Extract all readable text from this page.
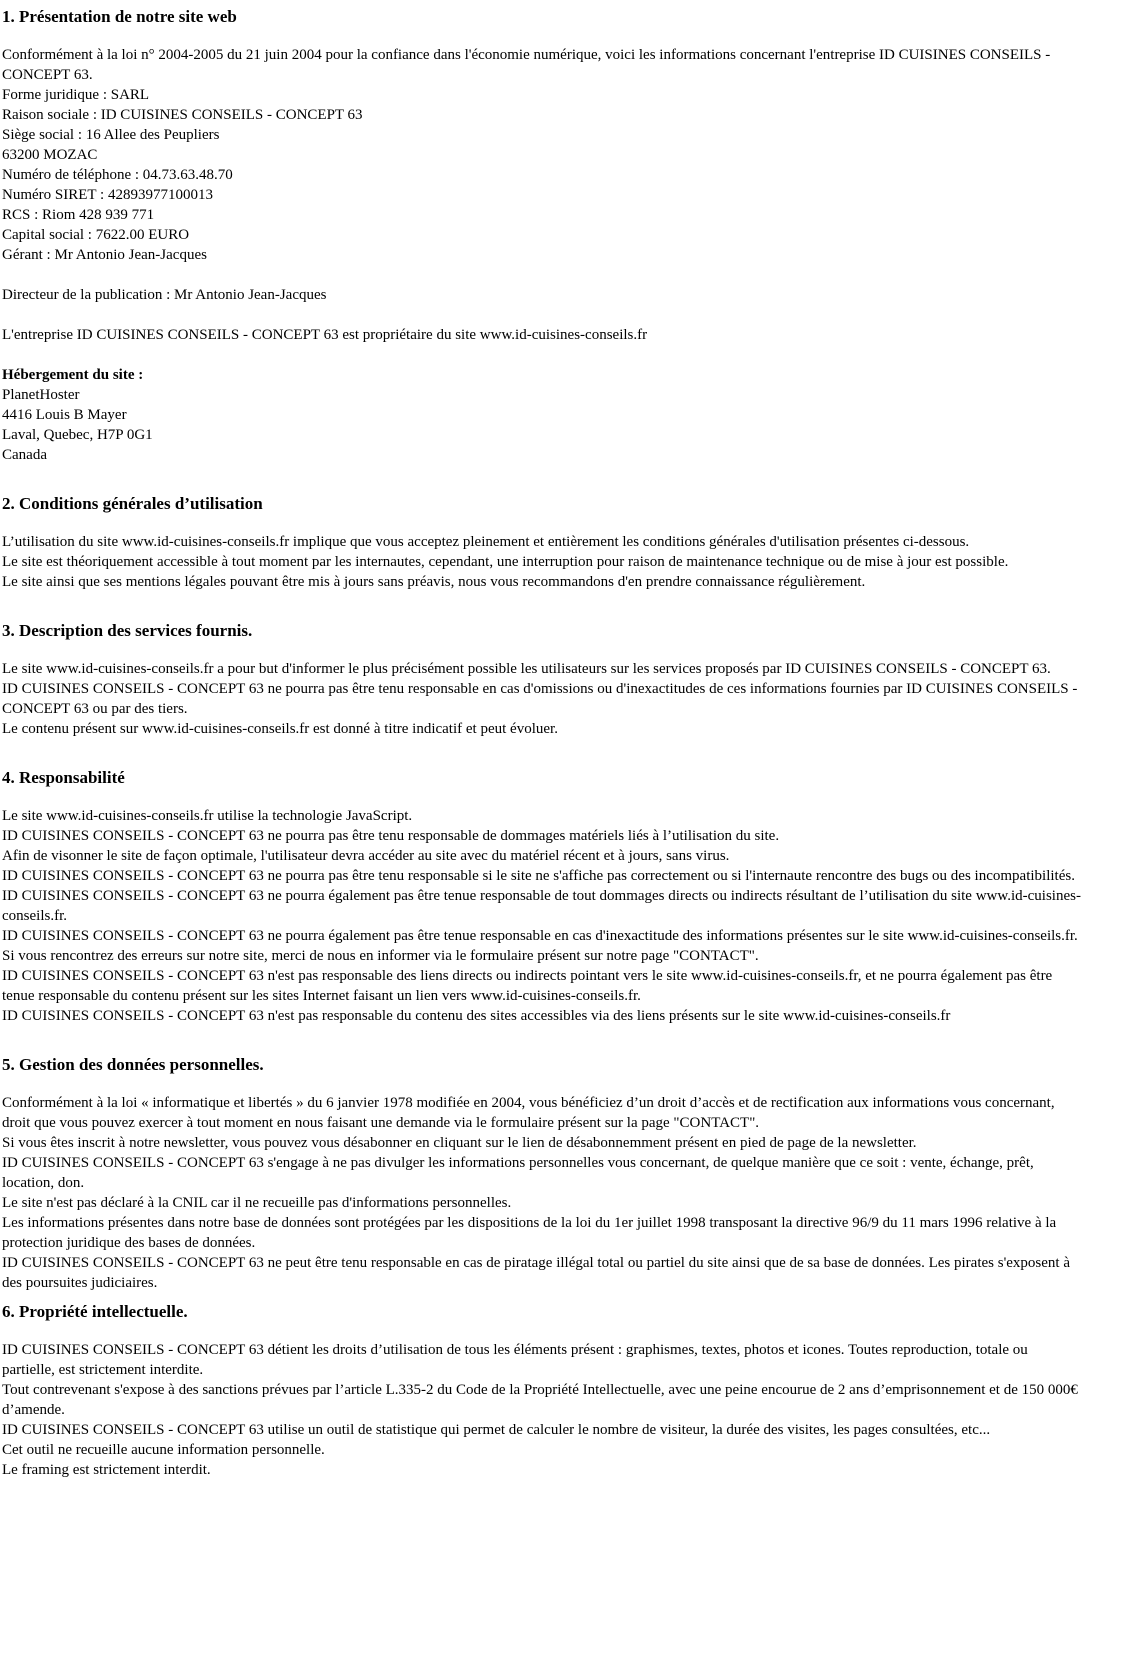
1. Présentation de notre site web
Conformément à la loi n° 2004-2005 du 21 juin 2004 pour la confiance dans l'économie numérique, voici les informations concernant l'entreprise ID CUISINES CONSEILS - CONCEPT 63.
Forme juridique : SARL
Raison sociale : ID CUISINES CONSEILS - CONCEPT 63
Siège social : 16 Allee des Peupliers
63200 MOZAC
Numéro de téléphone : 04.73.63.48.70
Numéro SIRET : 42893977100013
RCS : Riom 428 939 771
Capital social : 7622.00 EURO
Gérant : Mr Antonio Jean-Jacques
Directeur de la publication : Mr Antonio Jean-Jacques
L'entreprise ID CUISINES CONSEILS - CONCEPT 63 est propriétaire du site www.id-cuisines-conseils.fr
Hébergement du site :
PlanetHoster
4416 Louis B Mayer
Laval, Quebec, H7P 0G1
Canada
2. Conditions générales d’utilisation
L’utilisation du site www.id-cuisines-conseils.fr implique que vous acceptez pleinement et entièrement les conditions générales d'utilisation présentes ci-dessous.
Le site est théoriquement accessible à tout moment par les internautes, cependant, une interruption pour raison de maintenance technique ou de mise à jour est possible.
Le site ainsi que ses mentions légales pouvant être mis à jours sans préavis, nous vous recommandons d'en prendre connaissance régulièrement.
3. Description des services fournis.
Le site www.id-cuisines-conseils.fr a pour but d'informer le plus précisément possible les utilisateurs sur les services proposés par ID CUISINES CONSEILS - CONCEPT 63.
ID CUISINES CONSEILS - CONCEPT 63 ne pourra pas être tenu responsable en cas d'omissions ou d'inexactitudes de ces informations fournies par ID CUISINES CONSEILS - CONCEPT 63 ou par des tiers.
Le contenu présent sur www.id-cuisines-conseils.fr est donné à titre indicatif et peut évoluer.
4. Responsabilité
Le site www.id-cuisines-conseils.fr utilise la technologie JavaScript.
ID CUISINES CONSEILS - CONCEPT 63 ne pourra pas être tenu responsable de dommages matériels liés à l’utilisation du site.
Afin de visonner le site de façon optimale, l'utilisateur devra accéder au site avec du matériel récent et à jours, sans virus.
ID CUISINES CONSEILS - CONCEPT 63 ne pourra pas être tenu responsable si le site ne s'affiche pas correctement ou si l'internaute rencontre des bugs ou des incompatibilités.
ID CUISINES CONSEILS - CONCEPT 63 ne pourra également pas être tenue responsable de tout dommages directs ou indirects résultant de l’utilisation du site www.id-cuisines-conseils.fr.
ID CUISINES CONSEILS - CONCEPT 63 ne pourra également pas être tenue responsable en cas d'inexactitude des informations présentes sur le site www.id-cuisines-conseils.fr. Si vous rencontrez des erreurs sur notre site, merci de nous en informer via le formulaire présent sur notre page "CONTACT".
ID CUISINES CONSEILS - CONCEPT 63 n'est pas responsable des liens directs ou indirects pointant vers le site www.id-cuisines-conseils.fr, et ne pourra également pas être tenue responsable du contenu présent sur les sites Internet faisant un lien vers www.id-cuisines-conseils.fr.
ID CUISINES CONSEILS - CONCEPT 63 n'est pas responsable du contenu des sites accessibles via des liens présents sur le site www.id-cuisines-conseils.fr
5. Gestion des données personnelles.
Conformément à la loi « informatique et libertés » du 6 janvier 1978 modifiée en 2004, vous bénéficiez d’un droit d’accès et de rectification aux informations vous concernant, droit que vous pouvez exercer à tout moment en nous faisant une demande via le formulaire présent sur la page "CONTACT".
Si vous êtes inscrit à notre newsletter, vous pouvez vous désabonner en cliquant sur le lien de désabonnemment présent en pied de page de la newsletter.
ID CUISINES CONSEILS - CONCEPT 63 s'engage à ne pas divulger les informations personnelles vous concernant, de quelque manière que ce soit : vente, échange, prêt, location, don.
Le site n'est pas déclaré à la CNIL car il ne recueille pas d'informations personnelles.
Les informations présentes dans notre base de données sont protégées par les dispositions de la loi du 1er juillet 1998 transposant la directive 96/9 du 11 mars 1996 relative à la protection juridique des bases de données.
ID CUISINES CONSEILS - CONCEPT 63 ne peut être tenu responsable en cas de piratage illégal total ou partiel du site ainsi que de sa base de données. Les pirates s'exposent à des poursuites judiciaires.
6. Propriété intellectuelle.
ID CUISINES CONSEILS - CONCEPT 63 détient les droits d’utilisation de tous les éléments présent : graphismes, textes, photos et icones. Toutes reproduction, totale ou partielle, est strictement interdite.
Tout contrevenant s'expose à des sanctions prévues par l’article L.335-2 du Code de la Propriété Intellectuelle, avec une peine encourue de 2 ans d’emprisonnement et de 150 000€ d’amende.
ID CUISINES CONSEILS - CONCEPT 63 utilise un outil de statistique qui permet de calculer le nombre de visiteur, la durée des visites, les pages consultées, etc...
Cet outil ne recueille aucune information personnelle.
Le framing est strictement interdit.
